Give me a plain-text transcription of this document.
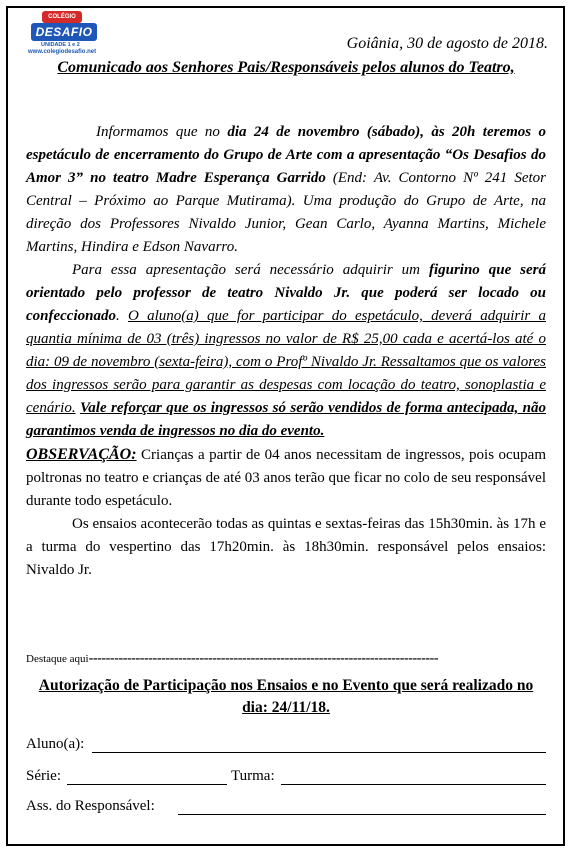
COLÉGIO
DESAFIO
UNIDADE 1 e 2
www.colegiodesafio.net	Goiânia, 30 de agosto de 2018.
Comunicado aos Senhores Pais/Responsáveis pelos alunos do Teatro,

Informamos que no dia 24 de novembro (sábado), às 20h teremos o espetáculo de encerramento do Grupo de Arte com a apresentação “Os Desafios do Amor 3” no teatro Madre Esperança Garrido (End: Av. Contorno Nº 241 Setor Central – Próximo ao Parque Mutirama). Uma produção do Grupo de Arte, na direção dos Professores Nivaldo Junior, Gean Carlo, Ayanna Martins, Michele Martins, Hindira e Edson Navarro.

Para essa apresentação será necessário adquirir um figurino que será orientado pelo professor de teatro Nivaldo Jr. que poderá ser locado ou confeccionado. O aluno(a) que for participar do espetáculo, deverá adquirir a quantia mínima de 03 (três) ingressos no valor de R$ 25,00 cada e acertá-los até o dia: 09 de novembro (sexta-feira), com o Profº Nivaldo Jr. Ressaltamos que os valores dos ingressos serão para garantir as despesas com locação do teatro, sonoplastia e cenário. Vale reforçar que os ingressos só serão vendidos de forma antecipada, não garantimos venda de ingressos no dia do evento.

OBSERVAÇÃO: Crianças a partir de 04 anos necessitam de ingressos, pois ocupam poltronas no teatro e crianças de até 03 anos terão que ficar no colo de seu responsável durante todo espetáculo.

Os ensaios acontecerão todas as quintas e sextas-feiras das 15h30min. às 17h e a turma do vespertino das 17h20min. às 18h30min. responsável pelos ensaios: Nivaldo Jr.

Destaque aqui----------------------------------------------------------------------------------
Autorização de Participação nos Ensaios e no Evento que será realizado no dia: 24/11/18.
Aluno(a):
Série:	Turma:
Ass. do Responsável:
